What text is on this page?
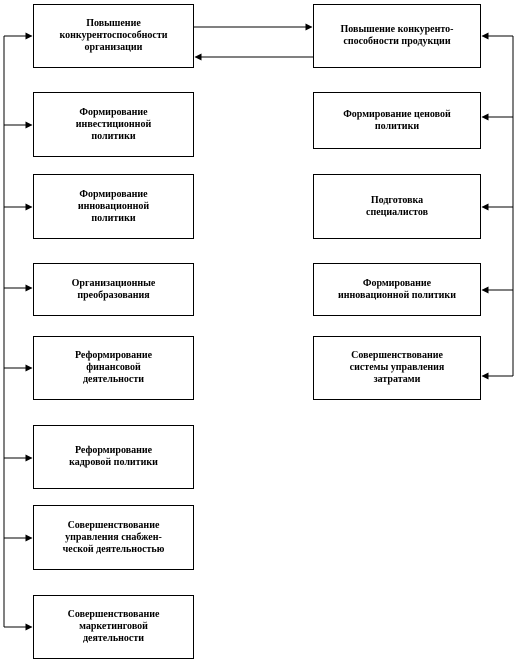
Повышение
конкурентоспособности
организации
Формирование
инвестиционной
политики
Формирование
инновационной
политики
Организационные
преобразования
Реформирование
финансовой
деятельности
Реформирование
кадровой политики
Совершенствование
управления снабжен-
ческой деятельностью
Совершенствование
маркетинговой
деятельности
Повышение конкуренто-
способности продукции
Формирование ценовой
политики
Подготовка
специалистов
Формирование
инновационной политики
Совершенствование
системы управления
затратами
